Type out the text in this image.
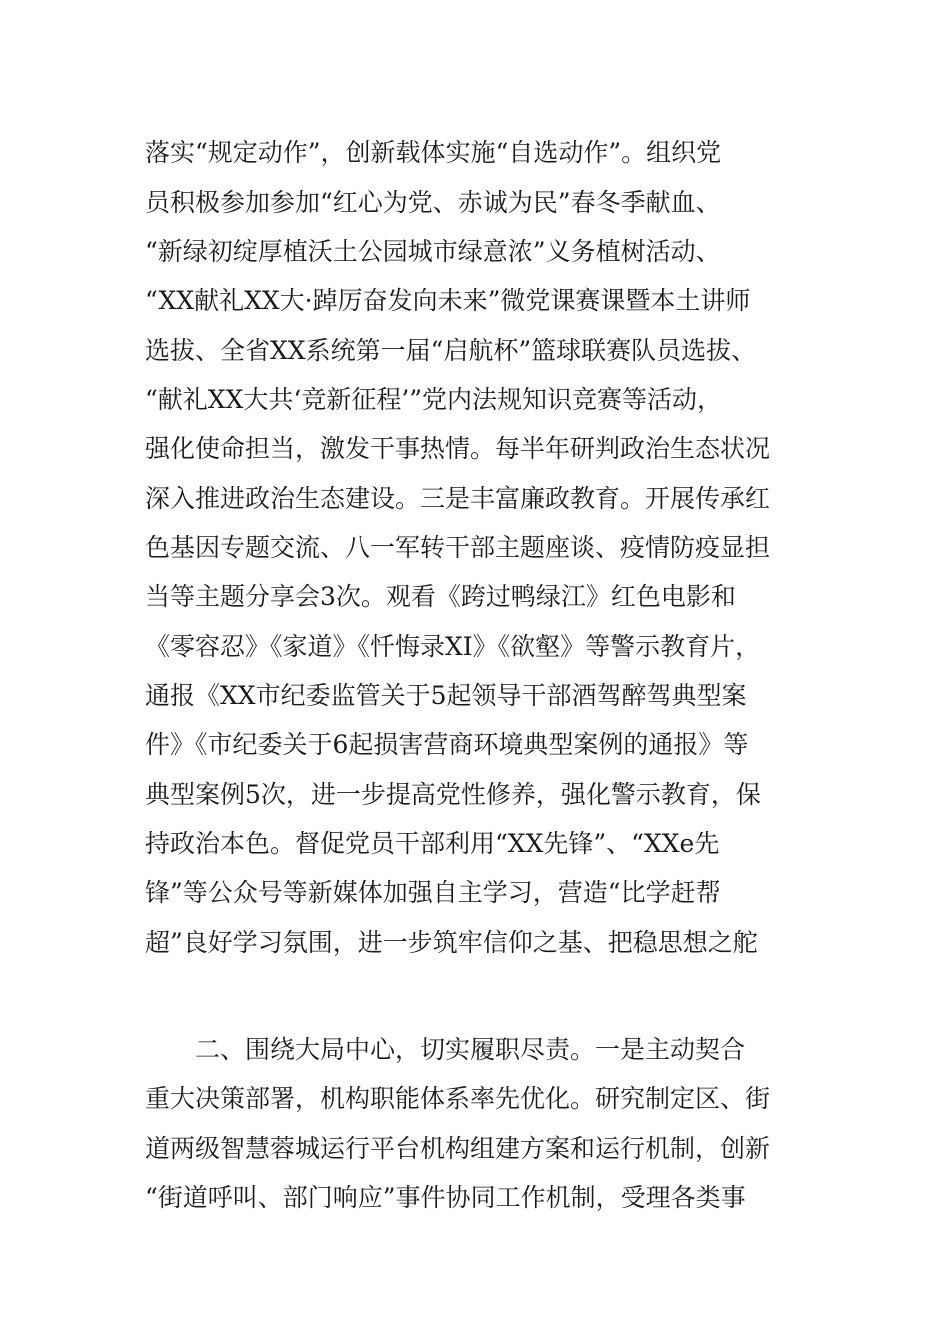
落实“规定动作”，创新载体实施“自选动作”。组织党
员积极参加参加“红心为党、赤诚为民”春冬季献血、
“新绿初绽厚植沃土公园城市绿意浓”义务植树活动、
“XX献礼XX大·踔厉奋发向未来”微党课赛课暨本土讲师
选拔、全省XX系统第一届“启航杯”篮球联赛队员选拔、
“献礼XX大共‘竞新征程’”党内法规知识竞赛等活动，
强化使命担当，激发干事热情。每半年研判政治生态状况
深入推进政治生态建设。三是丰富廉政教育。开展传承红
色基因专题交流、八一军转干部主题座谈、疫情防疫显担
当等主题分享会3次。观看《跨过鸭绿江》红色电影和
《零容忍》《家道》《忏悔录XI》《欲壑》等警示教育片，
通报《XX市纪委监管关于5起领导干部酒驾醉驾典型案
件》《市纪委关于6起损害营商环境典型案例的通报》等
典型案例5次，进一步提高党性修养，强化警示教育，保
持政治本色。督促党员干部利用“XX先锋”、“XXe先
锋”等公众号等新媒体加强自主学习，营造“比学赶帮
超”良好学习氛围，进一步筑牢信仰之基、把稳思想之舵
　　二、围绕大局中心，切实履职尽责。一是主动契合
重大决策部署，机构职能体系率先优化。研究制定区、街
道两级智慧蓉城运行平台机构组建方案和运行机制，创新
“街道呼叫、部门响应”事件协同工作机制，受理各类事
